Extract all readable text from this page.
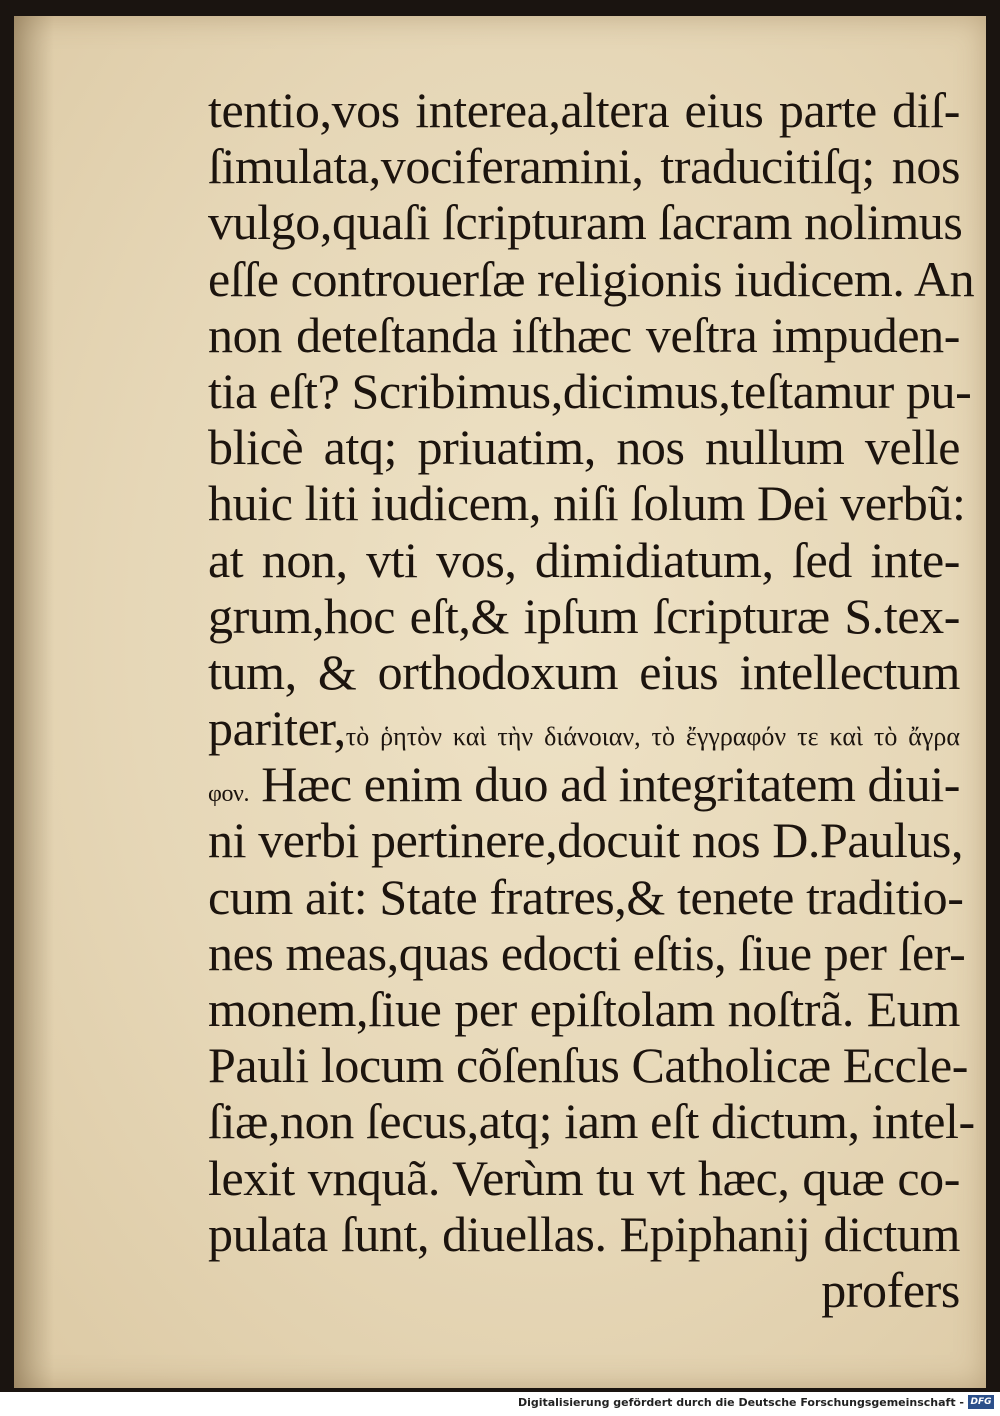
tentio,vos interea,altera eius parte diſ-
ſimulata,vociferamini, traducitiſq; nos
vulgo,quaſi ſcripturam ſacram nolimus
eſſe controuerſæ religionis iudicem. An
non deteſtanda iſthæc veſtra impuden-
tia eſt? Scribimus,dicimus,teſtamur pu-
blicè atq; priuatim, nos nullum velle
huic liti iudicem, niſi ſolum Dei verbũ:
at non, vti vos, dimidiatum, ſed inte-
grum,hoc eſt,& ipſum ſcripturæ S.tex-
tum, & orthodoxum eius intellectum
pariter,τὸ ῥητὸν καὶ τὴν διάνοιαν, τὸ ἔγγραφόν τε καὶ τὸ ἄγρα
φον. Hæc enim duo ad integritatem diui-
ni verbi pertinere,docuit nos D.Paulus,
cum ait: State fratres,& tenete traditio-
nes meas,quas edocti eſtis, ſiue per ſer-
monem,ſiue per epiſtolam noſtrã. Eum
Pauli locum cõſenſus Catholicæ Eccle-
ſiæ,non ſecus,atq; iam eſt dictum, intel-
lexit vnquã. Verùm tu vt hæc, quæ co-
pulata ſunt, diuellas. Epiphanij dictum
profers
Digitalisierung gefördert durch die Deutsche Forschungsgemeinschaft - DFG
